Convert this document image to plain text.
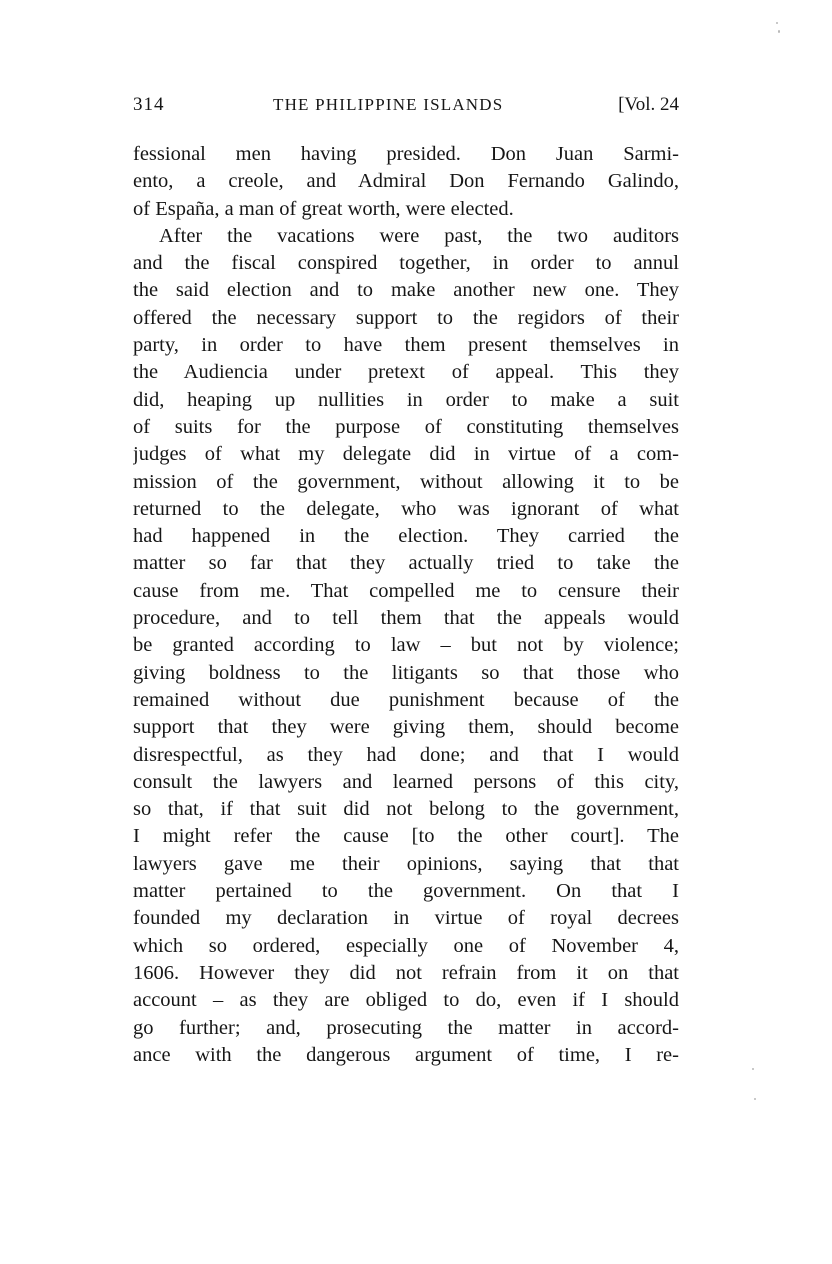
314	THE PHILIPPINE ISLANDS	[Vol. 24
fessional men having presided. Don Juan Sarmi-
ento, a creole, and Admiral Don Fernando Galindo,
of España, a man of great worth, were elected.
After the vacations were past, the two auditors
and the fiscal conspired together, in order to annul
the said election and to make another new one. They
offered the necessary support to the regidors of their
party, in order to have them present themselves in
the Audiencia under pretext of appeal. This they
did, heaping up nullities in order to make a suit
of suits for the purpose of constituting themselves
judges of what my delegate did in virtue of a com-
mission of the government, without allowing it to be
returned to the delegate, who was ignorant of what
had happened in the election. They carried the
matter so far that they actually tried to take the
cause from me. That compelled me to censure their
procedure, and to tell them that the appeals would
be granted according to law – but not by violence;
giving boldness to the litigants so that those who
remained without due punishment because of the
support that they were giving them, should become
disrespectful, as they had done; and that I would
consult the lawyers and learned persons of this city,
so that, if that suit did not belong to the government,
I might refer the cause [to the other court]. The
lawyers gave me their opinions, saying that that
matter pertained to the government. On that I
founded my declaration in virtue of royal decrees
which so ordered, especially one of November 4,
1606. However they did not refrain from it on that
account – as they are obliged to do, even if I should
go further; and, prosecuting the matter in accord-
ance with the dangerous argument of time, I re-
